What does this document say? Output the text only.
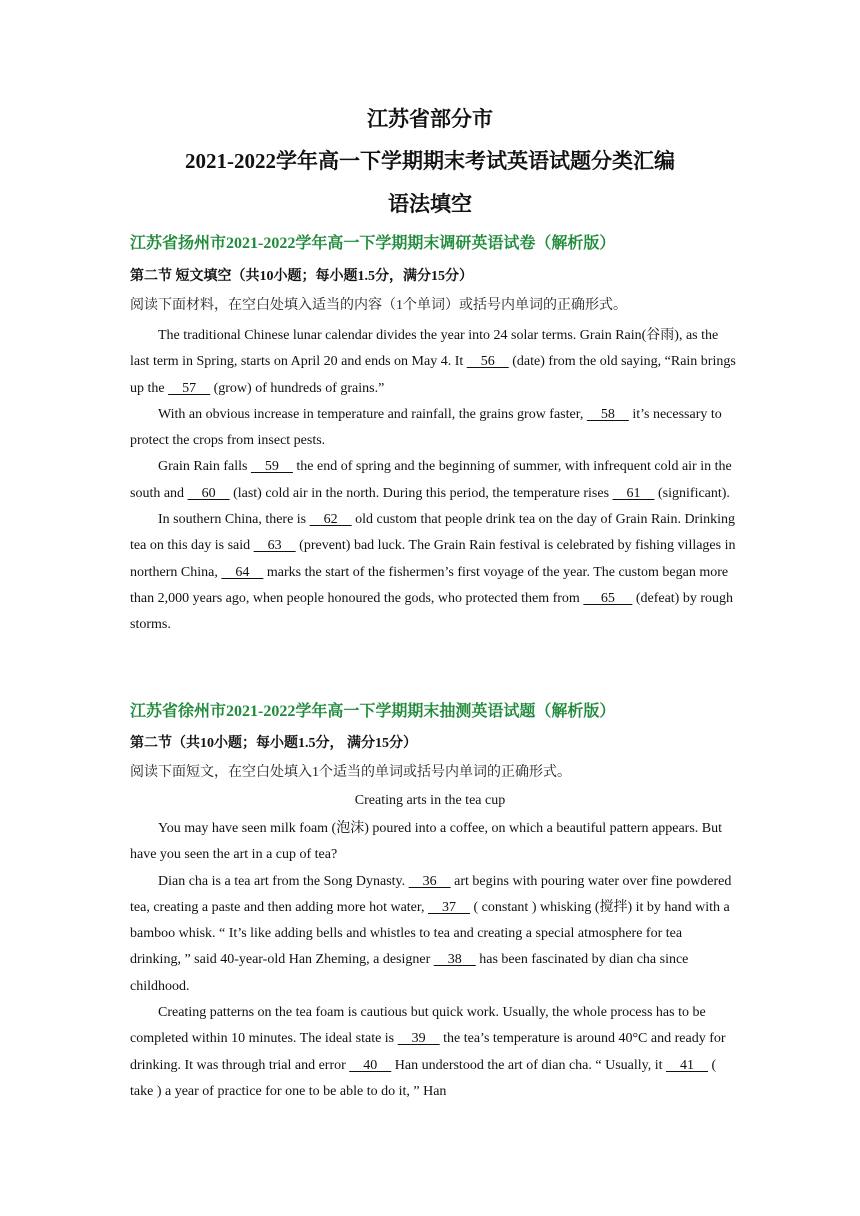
江苏省部分市
2021-2022学年高一下学期期末考试英语试题分类汇编
语法填空
江苏省扬州市2021-2022学年高一下学期期末调研英语试卷（解析版）
第二节 短文填空（共10小题；每小题1.5分，满分15分）
阅读下面材料，在空白处填入适当的内容（1个单词）或括号内单词的正确形式。

The traditional Chinese lunar calendar divides the year into 24 solar terms. Grain Rain(谷雨), as the last term in Spring, starts on April 20 and ends on May 4. It     56     (date) from the old saying, “Rain brings up the     57     (grow) of hundreds of grains.”

With an obvious increase in temperature and rainfall, the grains grow faster,     58     it’s necessary to protect the crops from insect pests.

Grain Rain falls     59     the end of spring and the beginning of summer, with infrequent cold air in the south and     60     (last) cold air in the north. During this period, the temperature rises     61     (significant).

In southern China, there is     62     old custom that people drink tea on the day of Grain Rain. Drinking tea on this day is said     63     (prevent) bad luck. The Grain Rain festival is celebrated by fishing villages in northern China,     64     marks the start of the fishermen’s first voyage of the year. The custom began more than 2,000 years ago, when people honoured the gods, who protected them from      65      (defeat) by rough storms.

江苏省徐州市2021-2022学年高一下学期期末抽测英语试题（解析版）
第二节（共10小题；每小题1.5分， 满分15分）
阅读下面短文，在空白处填入1个适当的单词或括号内单词的正确形式。
Creating arts in the tea cup

You may have seen milk foam (泡沫) poured into a coffee, on which a beautiful pattern appears. But have you seen the art in a cup of tea?

Dian cha is a tea art from the Song Dynasty.     36     art begins with pouring water over fine powdered tea, creating a paste and then adding more hot water,     37     ( constant ) whisking (搅拌) it by hand with a bamboo whisk. “ It’s like adding bells and whistles to tea and creating a special atmosphere for tea drinking, ” said 40-year-old Han Zheming, a designer     38     has been fascinated by dian cha since childhood.

Creating patterns on the tea foam is cautious but quick work. Usually, the whole process has to be completed within 10 minutes. The ideal state is     39     the tea’s temperature is around 40°C and ready for drinking. It was through trial and error     40     Han understood the art of dian cha. “ Usually, it     41     ( take ) a year of practice for one to be able to do it, ” Han
